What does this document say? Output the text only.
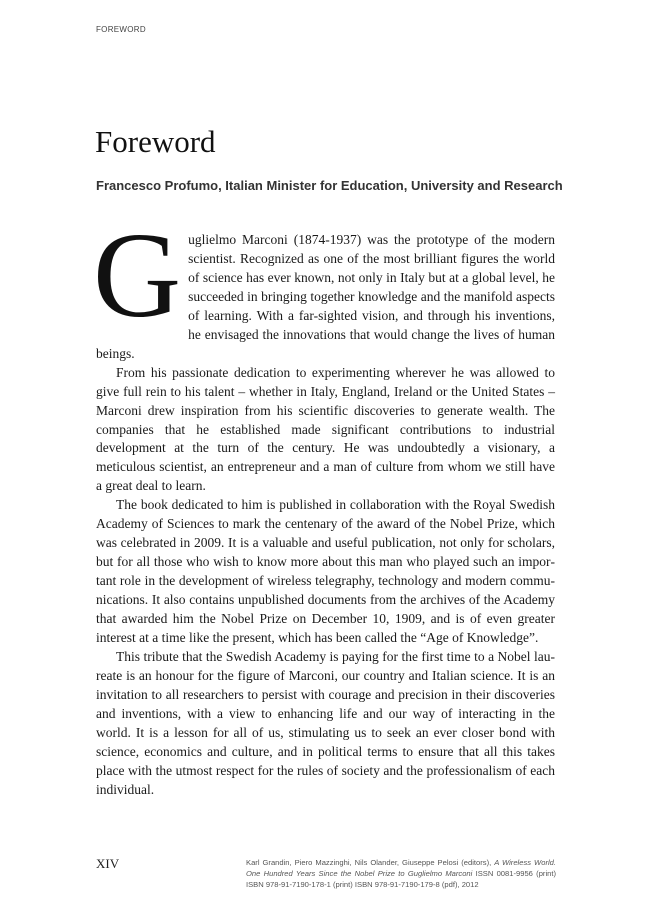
FOREWORD
Foreword
Francesco Profumo, Italian Minister for Education, University and Research

Guglielmo Marconi (1874-1937) was the prototype of the modern scientist. Recognized as one of the most brilliant figures the world of science has ever known, not only in Italy but at a global level, he succeeded in bringing together knowledge and the manifold aspects of learning. With a far-sighted vision, and through his inventions, he envisaged the innovations that would change the lives of human beings.

From his passionate dedication to experimenting wherever he was allowed to give full rein to his talent – whether in Italy, England, Ireland or the United States – Marconi drew inspiration from his scientific discoveries to generate wealth. The companies that he established made significant contributions to industrial development at the turn of the century. He was undoubtedly a visionary, a meticulous scientist, an entrepreneur and a man of culture from whom we still have a great deal to learn.

The book dedicated to him is published in collaboration with the Royal Swedish Academy of Sciences to mark the centenary of the award of the Nobel Prize, which was celebrated in 2009. It is a valuable and useful publication, not only for scholars, but for all those who wish to know more about this man who played such an important role in the development of wireless telegraphy, technology and modern communications. It also contains unpublished documents from the archives of the Academy that awarded him the Nobel Prize on December 10, 1909, and is of even greater interest at a time like the present, which has been called the “Age of Knowledge”.

This tribute that the Swedish Academy is paying for the first time to a Nobel laureate is an honour for the figure of Marconi, our country and Italian science. It is an invitation to all researchers to persist with courage and precision in their discoveries and inventions, with a view to enhancing life and our way of interacting in the world. It is a lesson for all of us, stimulating us to seek an ever closer bond with science, economics and culture, and in political terms to ensure that all this takes place with the utmost respect for the rules of society and the professionalism of each individual.

XIV	Karl Grandin, Piero Mazzinghi, Nils Olander, Giuseppe Pelosi (editors), A Wireless World. One Hundred Years Since the Nobel Prize to Guglielmo Marconi ISSN 0081-9956 (print) ISBN 978-91-7190-178-1 (print) ISBN 978-91-7190-179-8 (pdf), 2012
